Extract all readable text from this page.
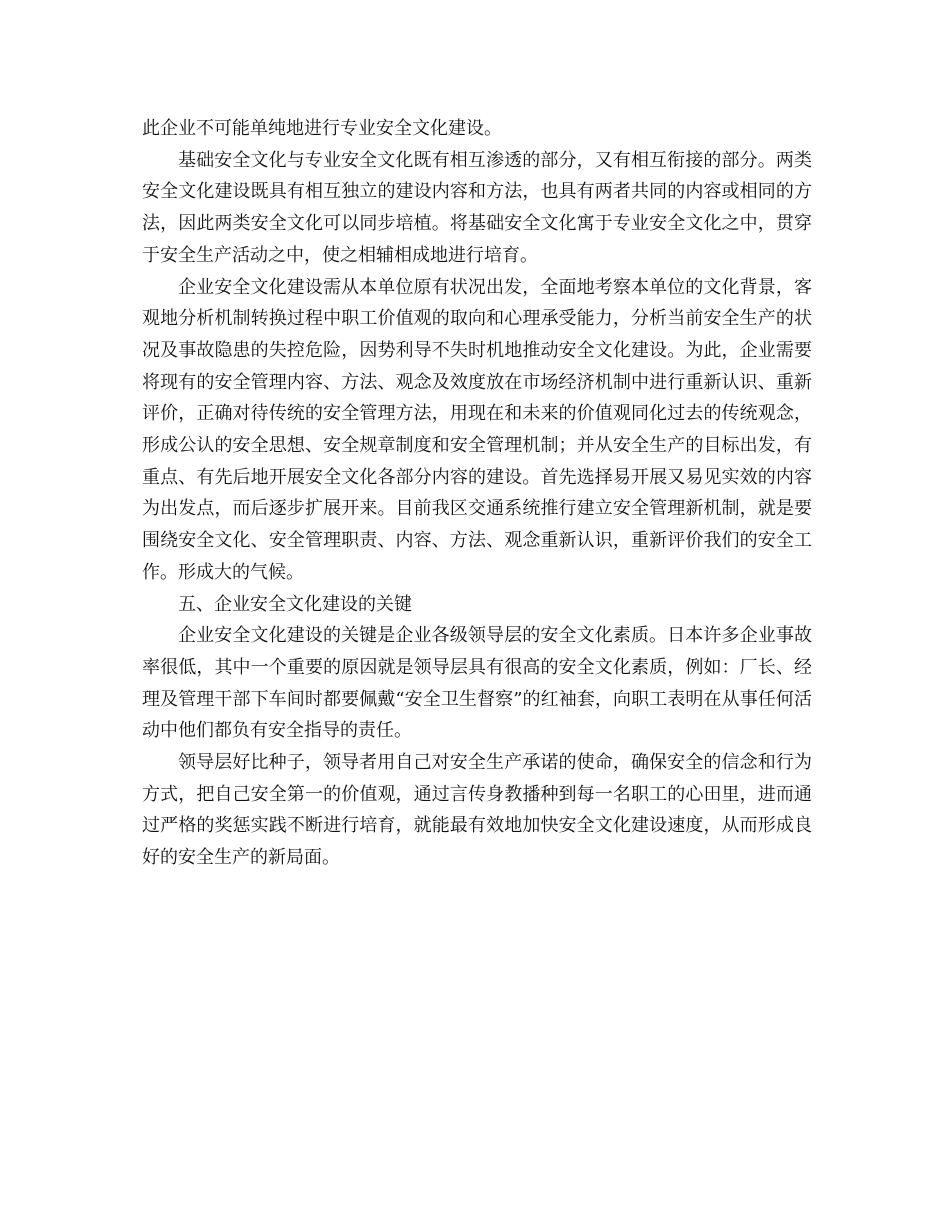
此企业不可能单纯地进行专业安全文化建设。

基础安全文化与专业安全文化既有相互渗透的部分，又有相互衔接的部分。两类安全文化建设既具有相互独立的建设内容和方法，也具有两者共同的内容或相同的方法，因此两类安全文化可以同步培植。将基础安全文化寓于专业安全文化之中，贯穿于安全生产活动之中，使之相辅相成地进行培育。

企业安全文化建设需从本单位原有状况出发，全面地考察本单位的文化背景，客观地分析机制转换过程中职工价值观的取向和心理承受能力，分析当前安全生产的状况及事故隐患的失控危险，因势利导不失时机地推动安全文化建设。为此，企业需要将现有的安全管理内容、方法、观念及效度放在市场经济机制中进行重新认识、重新评价，正确对待传统的安全管理方法，用现在和未来的价值观同化过去的传统观念，形成公认的安全思想、安全规章制度和安全管理机制；并从安全生产的目标出发，有重点、有先后地开展安全文化各部分内容的建设。首先选择易开展又易见实效的内容为出发点，而后逐步扩展开来。目前我区交通系统推行建立安全管理新机制，就是要围绕安全文化、安全管理职责、内容、方法、观念重新认识，重新评价我们的安全工作。形成大的气候。

五、企业安全文化建设的关键

企业安全文化建设的关键是企业各级领导层的安全文化素质。日本许多企业事故率很低，其中一个重要的原因就是领导层具有很高的安全文化素质，例如：厂长、经理及管理干部下车间时都要佩戴“安全卫生督察”的红袖套，向职工表明在从事任何活动中他们都负有安全指导的责任。

领导层好比种子，领导者用自己对安全生产承诺的使命，确保安全的信念和行为方式，把自己安全第一的价值观，通过言传身教播种到每一名职工的心田里，进而通过严格的奖惩实践不断进行培育，就能最有效地加快安全文化建设速度，从而形成良好的安全生产的新局面。
